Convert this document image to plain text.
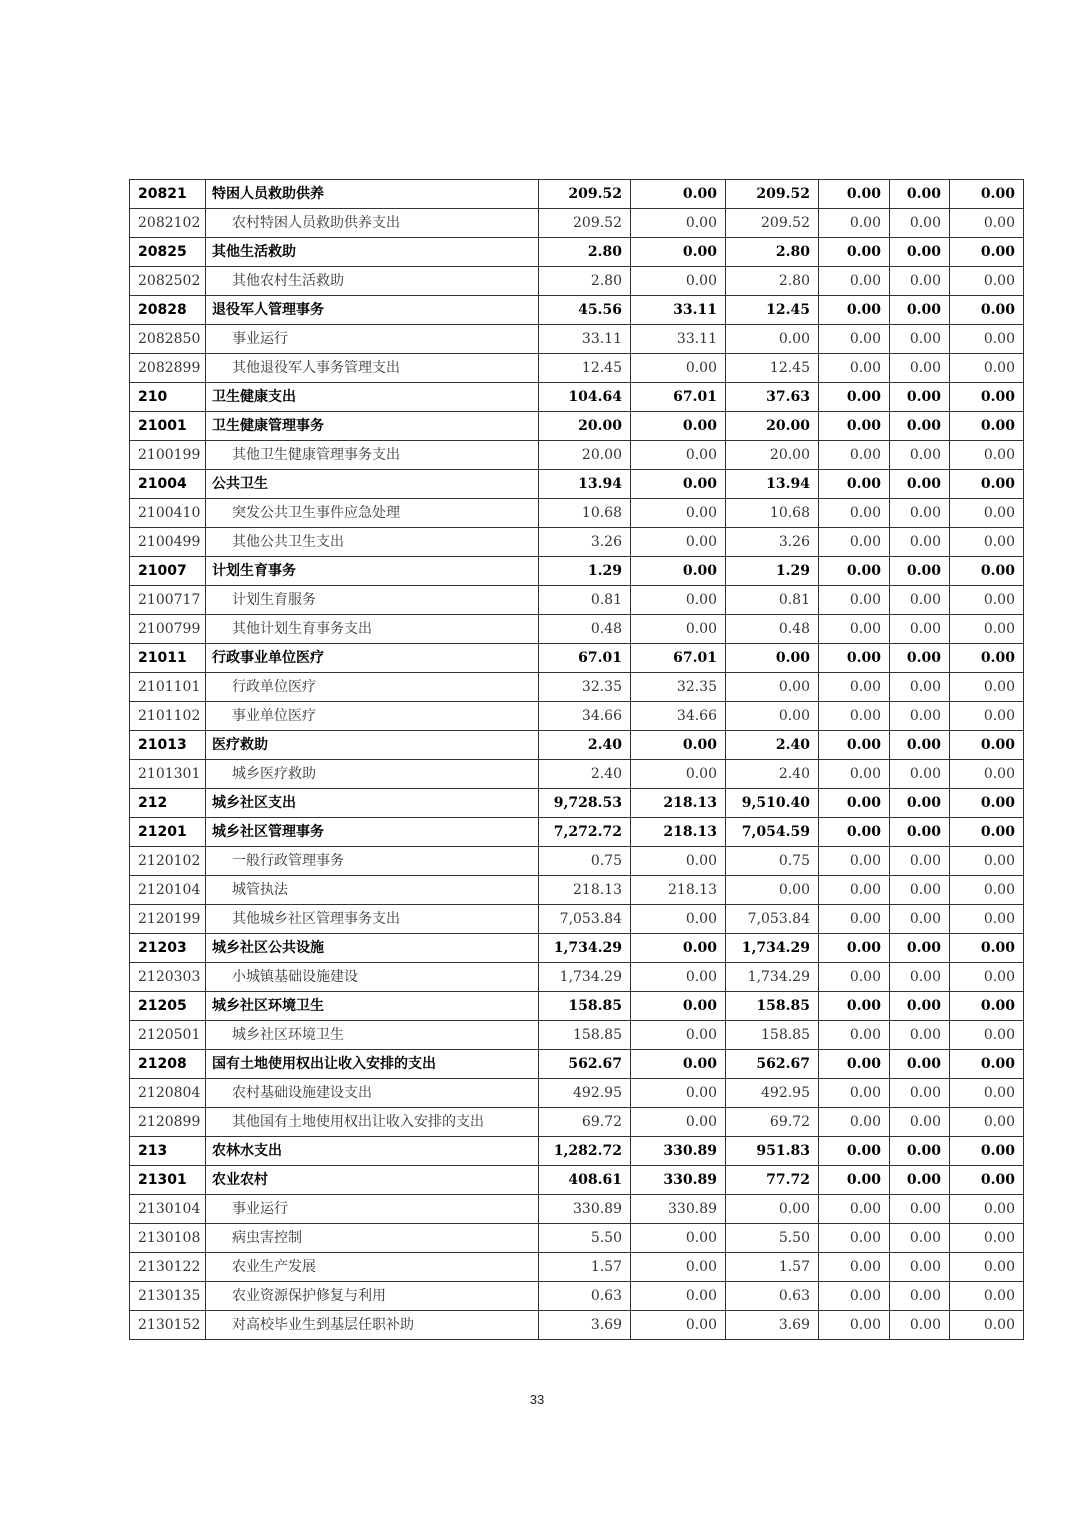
20821	特困人员救助供养	209.52	0.00	209.52	0.00	0.00	0.00
2082102	农村特困人员救助供养支出	209.52	0.00	209.52	0.00	0.00	0.00
20825	其他生活救助	2.80	0.00	2.80	0.00	0.00	0.00
2082502	其他农村生活救助	2.80	0.00	2.80	0.00	0.00	0.00
20828	退役军人管理事务	45.56	33.11	12.45	0.00	0.00	0.00
2082850	事业运行	33.11	33.11	0.00	0.00	0.00	0.00
2082899	其他退役军人事务管理支出	12.45	0.00	12.45	0.00	0.00	0.00
210	卫生健康支出	104.64	67.01	37.63	0.00	0.00	0.00
21001	卫生健康管理事务	20.00	0.00	20.00	0.00	0.00	0.00
2100199	其他卫生健康管理事务支出	20.00	0.00	20.00	0.00	0.00	0.00
21004	公共卫生	13.94	0.00	13.94	0.00	0.00	0.00
2100410	突发公共卫生事件应急处理	10.68	0.00	10.68	0.00	0.00	0.00
2100499	其他公共卫生支出	3.26	0.00	3.26	0.00	0.00	0.00
21007	计划生育事务	1.29	0.00	1.29	0.00	0.00	0.00
2100717	计划生育服务	0.81	0.00	0.81	0.00	0.00	0.00
2100799	其他计划生育事务支出	0.48	0.00	0.48	0.00	0.00	0.00
21011	行政事业单位医疗	67.01	67.01	0.00	0.00	0.00	0.00
2101101	行政单位医疗	32.35	32.35	0.00	0.00	0.00	0.00
2101102	事业单位医疗	34.66	34.66	0.00	0.00	0.00	0.00
21013	医疗救助	2.40	0.00	2.40	0.00	0.00	0.00
2101301	城乡医疗救助	2.40	0.00	2.40	0.00	0.00	0.00
212	城乡社区支出	9,728.53	218.13	9,510.40	0.00	0.00	0.00
21201	城乡社区管理事务	7,272.72	218.13	7,054.59	0.00	0.00	0.00
2120102	一般行政管理事务	0.75	0.00	0.75	0.00	0.00	0.00
2120104	城管执法	218.13	218.13	0.00	0.00	0.00	0.00
2120199	其他城乡社区管理事务支出	7,053.84	0.00	7,053.84	0.00	0.00	0.00
21203	城乡社区公共设施	1,734.29	0.00	1,734.29	0.00	0.00	0.00
2120303	小城镇基础设施建设	1,734.29	0.00	1,734.29	0.00	0.00	0.00
21205	城乡社区环境卫生	158.85	0.00	158.85	0.00	0.00	0.00
2120501	城乡社区环境卫生	158.85	0.00	158.85	0.00	0.00	0.00
21208	国有土地使用权出让收入安排的支出	562.67	0.00	562.67	0.00	0.00	0.00
2120804	农村基础设施建设支出	492.95	0.00	492.95	0.00	0.00	0.00
2120899	其他国有土地使用权出让收入安排的支出	69.72	0.00	69.72	0.00	0.00	0.00
213	农林水支出	1,282.72	330.89	951.83	0.00	0.00	0.00
21301	农业农村	408.61	330.89	77.72	0.00	0.00	0.00
2130104	事业运行	330.89	330.89	0.00	0.00	0.00	0.00
2130108	病虫害控制	5.50	0.00	5.50	0.00	0.00	0.00
2130122	农业生产发展	1.57	0.00	1.57	0.00	0.00	0.00
2130135	农业资源保护修复与利用	0.63	0.00	0.63	0.00	0.00	0.00
2130152	对高校毕业生到基层任职补助	3.69	0.00	3.69	0.00	0.00	0.00
33
